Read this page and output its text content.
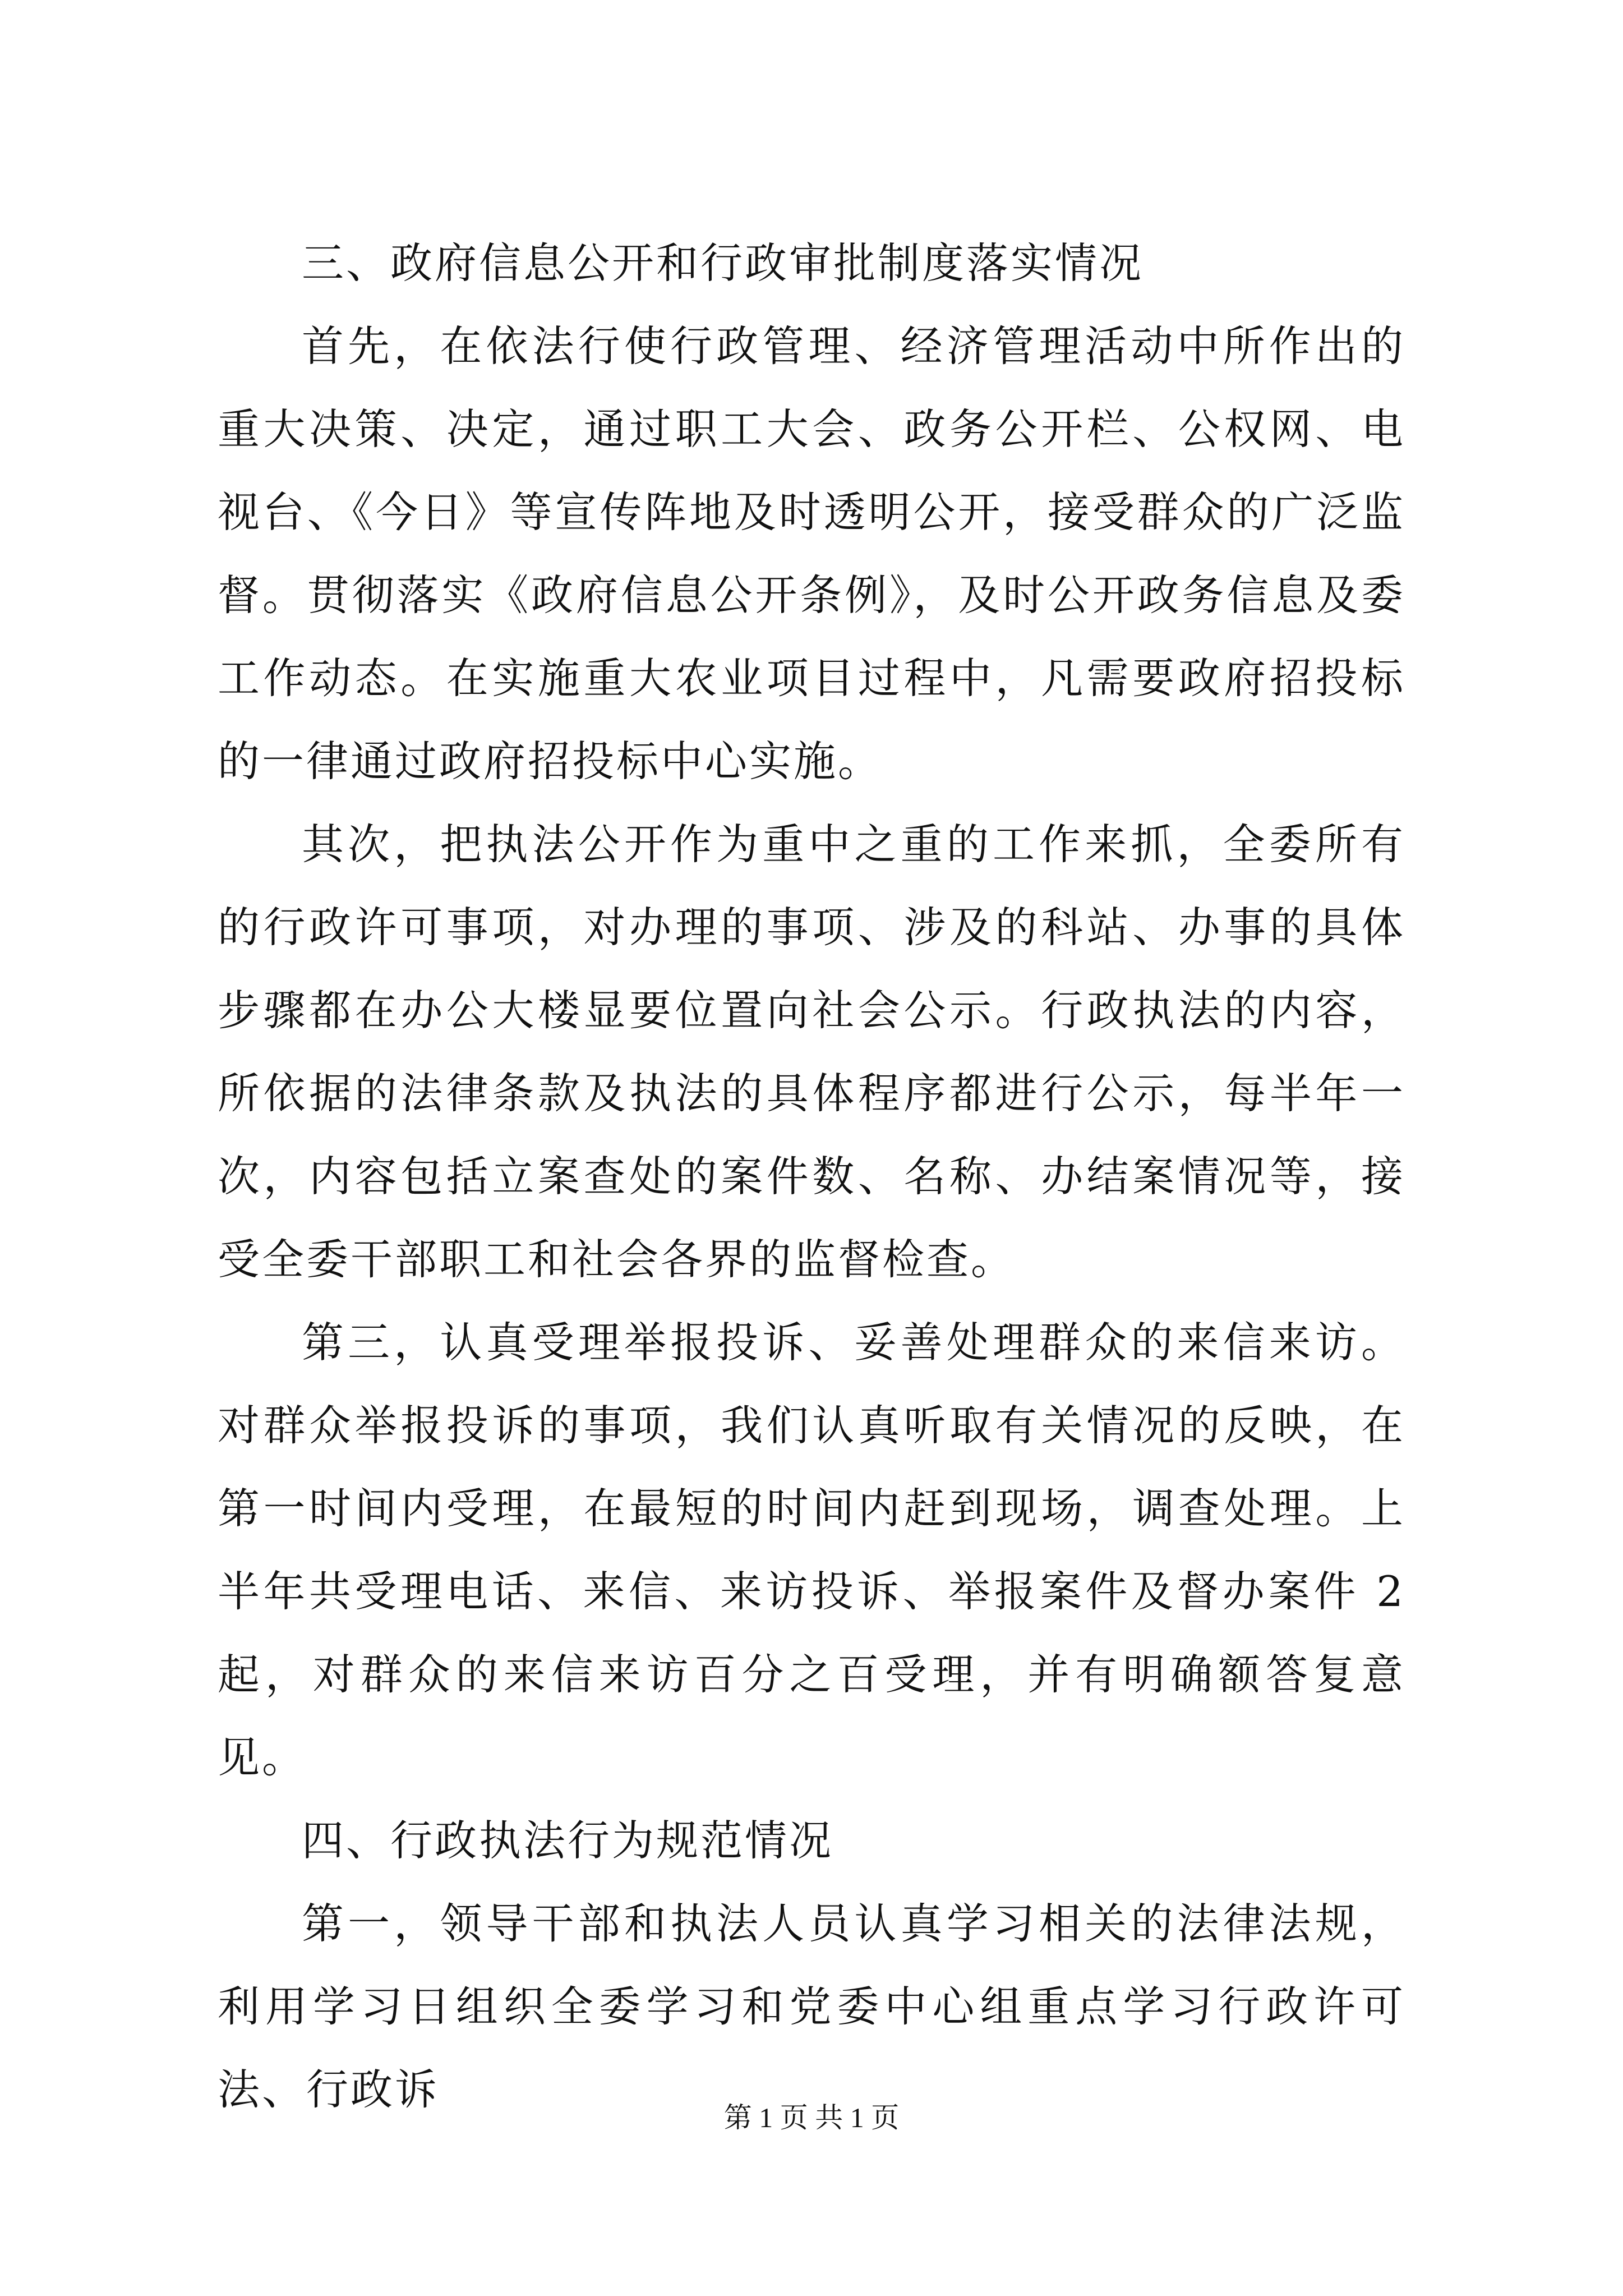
三、政府信息公开和行政审批制度落实情况

首先，在依法行使行政管理、经济管理活动中所作出的重大决策、决定，通过职工大会、政务公开栏、公权网、电视台、《今日》等宣传阵地及时透明公开，接受群众的广泛监督。贯彻落实《政府信息公开条例》，及时公开政务信息及委工作动态。在实施重大农业项目过程中，凡需要政府招投标的一律通过政府招投标中心实施。

其次，把执法公开作为重中之重的工作来抓，全委所有的行政许可事项，对办理的事项、涉及的科站、办事的具体步骤都在办公大楼显要位置向社会公示。行政执法的内容，所依据的法律条款及执法的具体程序都进行公示，每半年一次，内容包括立案查处的案件数、名称、办结案情况等，接受全委干部职工和社会各界的监督检查。

第三，认真受理举报投诉、妥善处理群众的来信来访。对群众举报投诉的事项，我们认真听取有关情况的反映，在第一时间内受理，在最短的时间内赶到现场，调查处理。上半年共受理电话、来信、来访投诉、举报案件及督办案件 2 起，对群众的来信来访百分之百受理，并有明确额答复意见。

四、行政执法行为规范情况

第一，领导干部和执法人员认真学习相关的法律法规，利用学习日组织全委学习和党委中心组重点学习行政许可法、行政诉

第 1 页 共 1 页
